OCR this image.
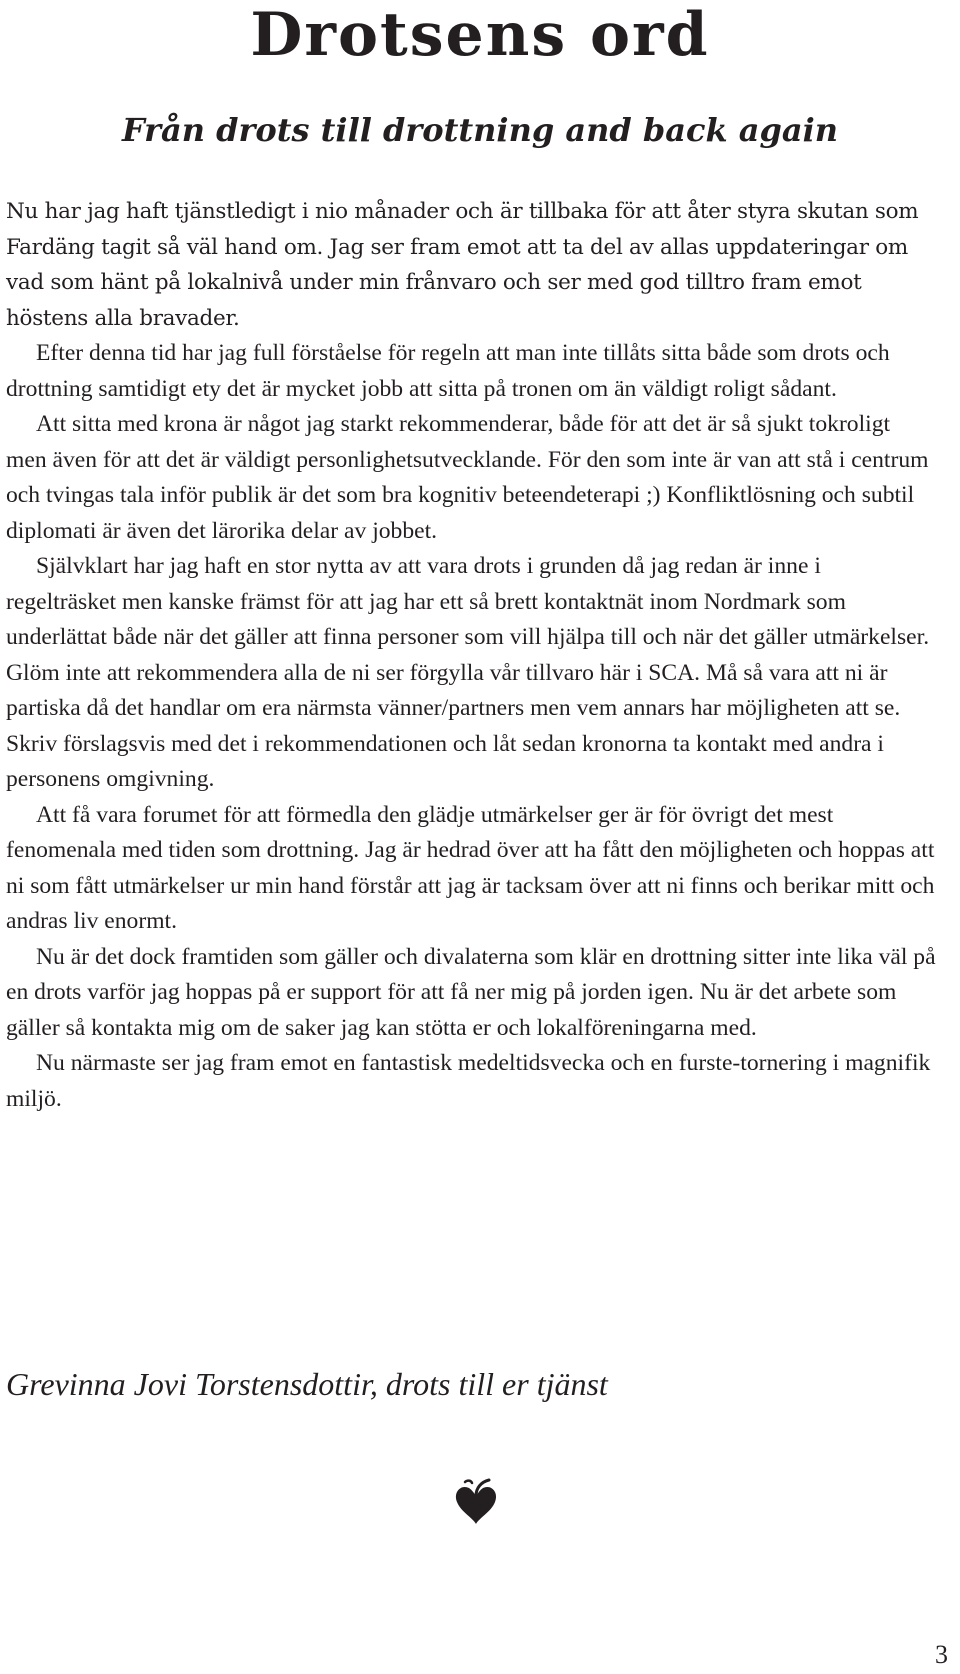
Drotsens ord
Från drots till drottning and back again

Nu har jag haft tjänstledigt i nio månader och är tillbaka för att åter styra skutan som Fardäng tagit så väl hand om. Jag ser fram emot att ta del av allas uppdateringar om vad som hänt på lokalnivå under min frånvaro och ser med god tilltro fram emot höstens alla bravader.

Efter denna tid har jag full förståelse för regeln att man inte tillåts sitta både som drots och drottning samtidigt ety det är mycket jobb att sitta på tronen om än väldigt roligt sådant.

Att sitta med krona är något jag starkt rekommenderar, både för att det är så sjukt tokroligt men även för att det är väldigt personlighetsutvecklande. För den som inte är van att stå i centrum och tvingas tala inför publik är det som bra kognitiv beteendeterapi ;) Konfliktlösning och subtil diplomati är även det lärorika delar av jobbet.

Självklart har jag haft en stor nytta av att vara drots i grunden då jag redan är inne i regelträsket men kanske främst för att jag har ett så brett kontaktnät inom Nordmark som underlättat både när det gäller att finna personer som vill hjälpa till och när det gäller utmärkelser. Glöm inte att rekommendera alla de ni ser förgylla vår tillvaro här i SCA. Må så vara att ni är partiska då det handlar om era närmsta vänner/partners men vem annars har möjligheten att se. Skriv förslagsvis med det i rekommendationen och låt sedan kronorna ta kontakt med andra i personens omgivning.

Att få vara forumet för att förmedla den glädje utmärkelser ger är för övrigt det mest fenomenala med tiden som drottning. Jag är hedrad över att ha fått den möjligheten och hoppas att ni som fått utmärkelser ur min hand förstår att jag är tacksam över att ni finns och berikar mitt och andras liv enormt.

Nu är det dock framtiden som gäller och divalaterna som klär en drottning sitter inte lika väl på en drots varför jag hoppas på er support för att få ner mig på jorden igen. Nu är det arbete som gäller så kontakta mig om de saker jag kan stötta er och lokalföreningarna med.

Nu närmaste ser jag fram emot en fantastisk medeltidsvecka och en furste-tornering i magnifik miljö.

Grevinna Jovi Torstensdottir, drots till er tjänst

3
